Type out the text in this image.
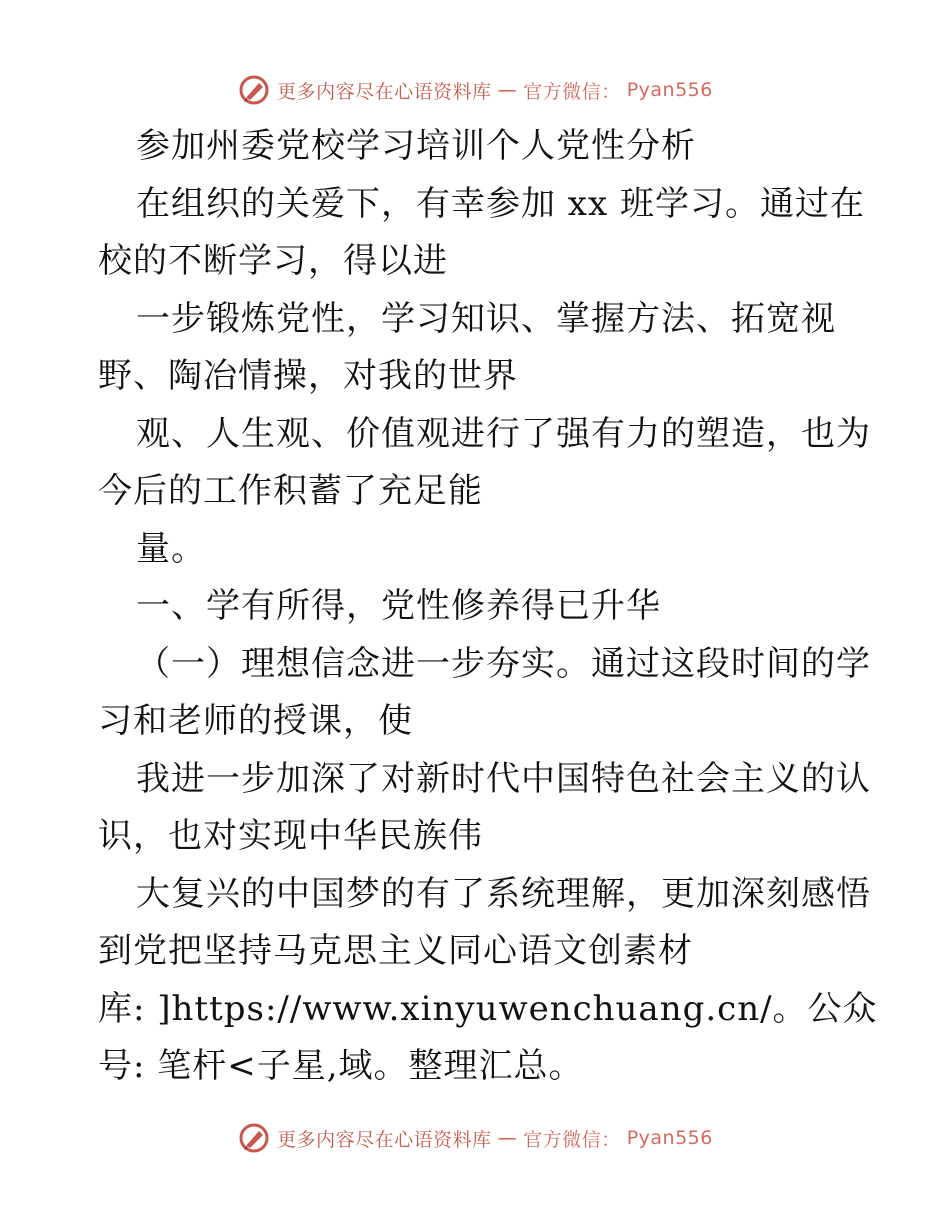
更多内容尽在心语资料库 — 官方微信： Pyan556
参加州委党校学习培训个人党性分析
在组织的关爱下，有幸参加 xx 班学习。通过在
校的不断学习，得以进
一步锻炼党性，学习知识、掌握方法、拓宽视
野、陶冶情操，对我的世界
观、人生观、价值观进行了强有力的塑造，也为
今后的工作积蓄了充足能
量。
一、学有所得，党性修养得已升华
（一）理想信念进一步夯实。通过这段时间的学
习和老师的授课，使
我进一步加深了对新时代中国特色社会主义的认
识，也对实现中华民族伟
大复兴的中国梦的有了系统理解，更加深刻感悟
到党把坚持马克思主义同心语文创素材
库: ]https://www.xinyuwenchuang.cn/。公众
号: 笔杆<子星,域。整理汇总。
更多内容尽在心语资料库 — 官方微信： Pyan556
